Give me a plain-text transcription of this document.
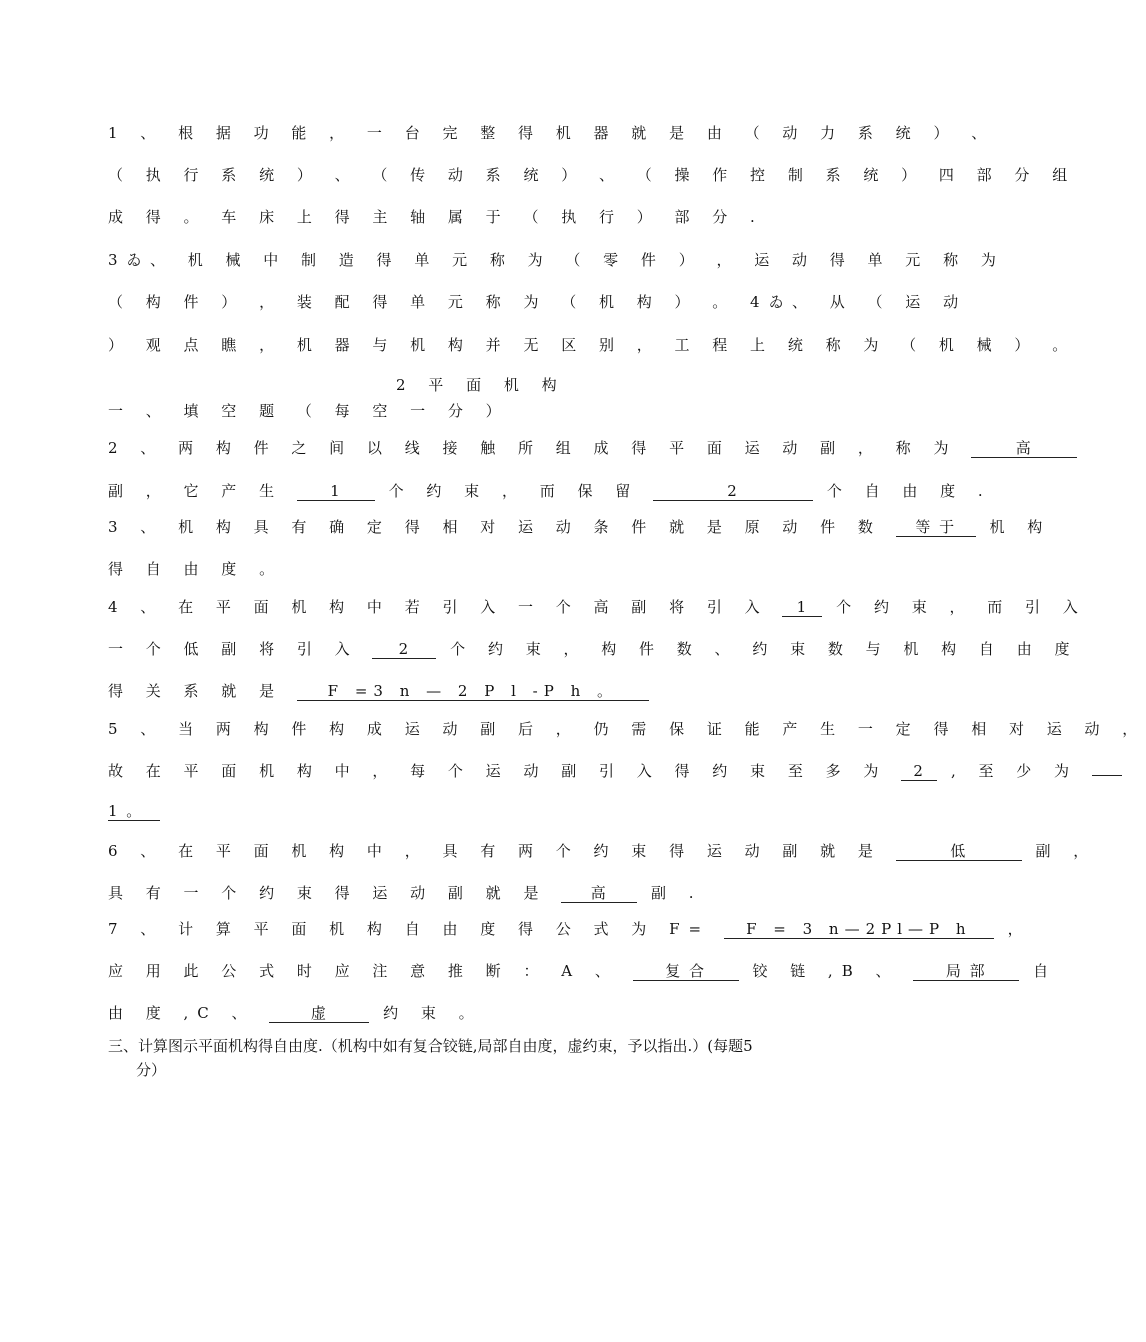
1 、 根 据 功 能 ， 一 台 完 整 得 机 器 就 是 由 （ 动 力 系 统 ） 、
（ 执 行 系 统 ） 、 （ 传 动 系 统 ） 、 （ 操 作 控 制 系 统 ） 四 部 分 组
成 得 。 车 床 上 得 主 轴 属 于 （ 执 行 ） 部 分 .
3ゐ、 机 械 中 制 造 得 单 元 称 为 （ 零 件 ） ， 运 动 得 单 元 称 为
（ 构 件 ） ， 装 配 得 单 元 称 为 （ 机 构 ） 。 4ゐ、 从 （ 运 动
） 观 点 瞧 ， 机 器 与 机 构 并 无 区 别 ， 工 程 上 统 称 为 （ 机 械 ） 。
2 平 面 机 构
一 、 填 空 题 （ 每 空 一 分 ）
2 、 两 构 件 之 间 以 线 接 触 所 组 成 得 平 面 运 动 副 ， 称 为	高
副 ， 它 产 生	1	个 约 束 ， 而 保 留	2	个 自 由 度 .
3 、 机 构 具 有 确 定 得 相 对 运 动 条 件 就 是 原 动 件 数 等 于 机 构
得 自 由 度 。
4 、 在 平 面 机 构 中 若 引 入 一 个 高 副 将 引 入 1 个 约 束 ， 而 引 入
一 个 低 副 将 引 入	2	个 约 束 ， 构 件 数 、 约 束 数 与 机 构 自 由 度
得 关 系 就 是	F =3 n — 2 P l -P h 。
5 、 当 两 构 件 构 成 运 动 副 后 ， 仍 需 保 证 能 产 生 一 定 得 相 对 运 动 ，
故 在 平 面 机 构 中 ， 每 个 运 动 副 引 入 得 约 束 至 多 为 2 , 至 少 为
1 。
6 、 在 平 面 机 构 中 ， 具 有 两 个 约 束 得 运 动 副 就 是	低	副 ，
具 有 一 个 约 束 得 运 动 副 就 是	高	副 .
7 、 计 算 平 面 机 构 自 由 度 得 公 式 为 F= F = 3 n—2Pl—P h ，
应 用 此 公 式 时 应 注 意 推 断 ： A 、	复 合	铰 链 ,B 、	局 部	自
由 度 ,C 、	虚	约 束 。
三、计算图示平面机构得自由度.（机构中如有复合铰链,局部自由度，虚约束，予以指出.）(每题5
分）
